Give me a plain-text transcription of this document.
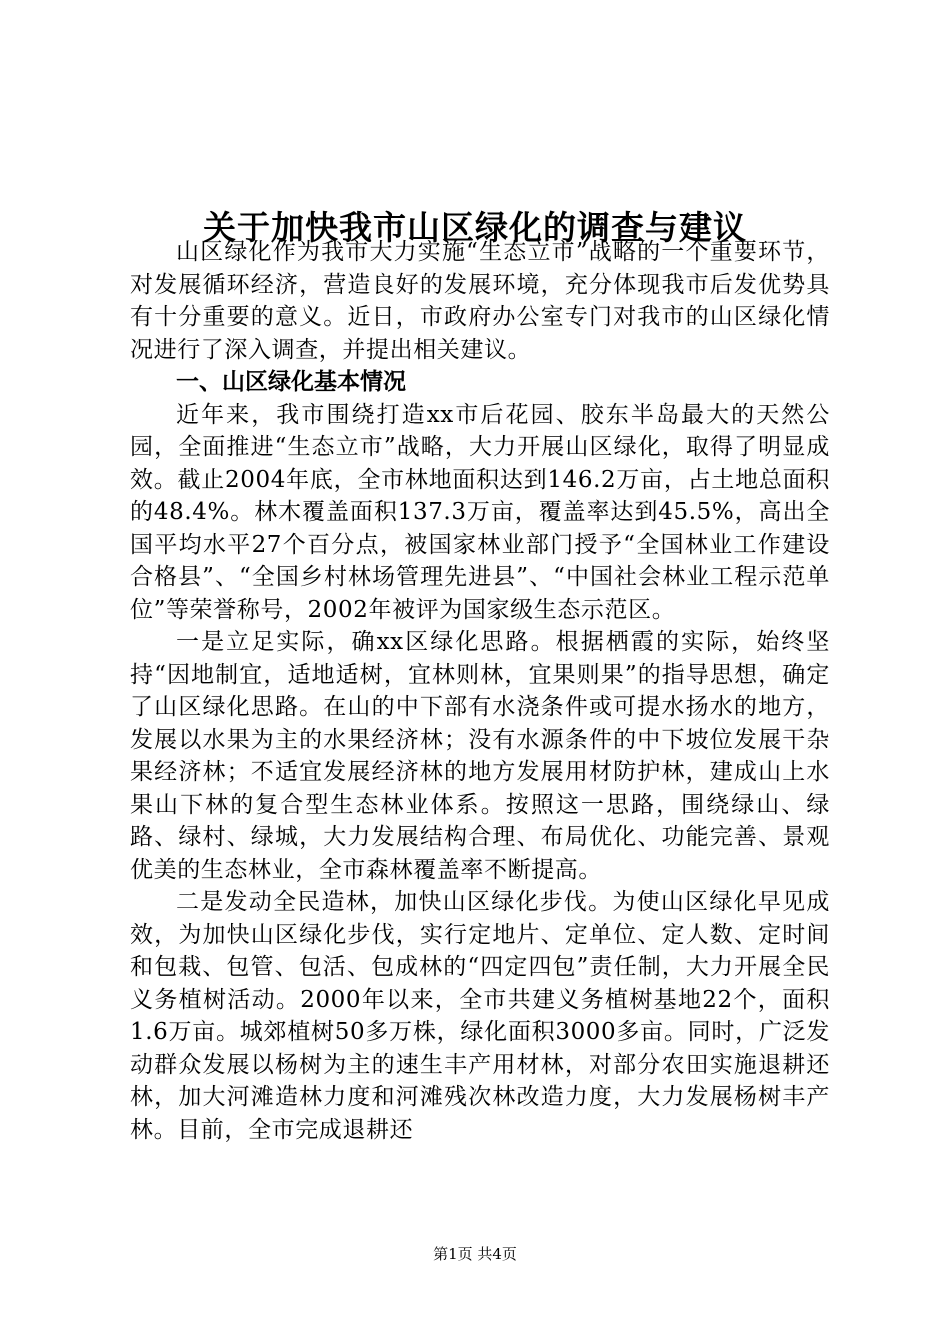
关于加快我市山区绿化的调查与建议

山区绿化作为我市大力实施“生态立市”战略的一个重要环节，对发展循环经济，营造良好的发展环境，充分体现我市后发优势具有十分重要的意义。近日，市政府办公室专门对我市的山区绿化情况进行了深入调查，并提出相关建议。

一、山区绿化基本情况

近年来，我市围绕打造xx市后花园、胶东半岛最大的天然公园，全面推进“生态立市”战略，大力开展山区绿化，取得了明显成效。截止2004年底，全市林地面积达到146.2万亩，占土地总面积的48.4%。林木覆盖面积137.3万亩，覆盖率达到45.5%，高出全国平均水平27个百分点，被国家林业部门授予“全国林业工作建设合格县”、“全国乡村林场管理先进县”、“中国社会林业工程示范单位”等荣誉称号，2002年被评为国家级生态示范区。

一是立足实际，确xx区绿化思路。根据栖霞的实际，始终坚持“因地制宜，适地适树，宜林则林，宜果则果”的指导思想，确定了山区绿化思路。在山的中下部有水浇条件或可提水扬水的地方，发展以水果为主的水果经济林；没有水源条件的中下坡位发展干杂果经济林；不适宜发展经济林的地方发展用材防护林，建成山上水果山下林的复合型生态林业体系。按照这一思路，围绕绿山、绿路、绿村、绿城，大力发展结构合理、布局优化、功能完善、景观优美的生态林业，全市森林覆盖率不断提高。

二是发动全民造林，加快山区绿化步伐。为使山区绿化早见成效，为加快山区绿化步伐，实行定地片、定单位、定人数、定时间和包栽、包管、包活、包成林的“四定四包”责任制，大力开展全民义务植树活动。2000年以来，全市共建义务植树基地22个，面积1.6万亩。城郊植树50多万株，绿化面积3000多亩。同时，广泛发动群众发展以杨树为主的速生丰产用材林，对部分农田实施退耕还林，加大河滩造林力度和河滩残次林改造力度，大力发展杨树丰产林。目前，全市完成退耕还

第1页 共4页
